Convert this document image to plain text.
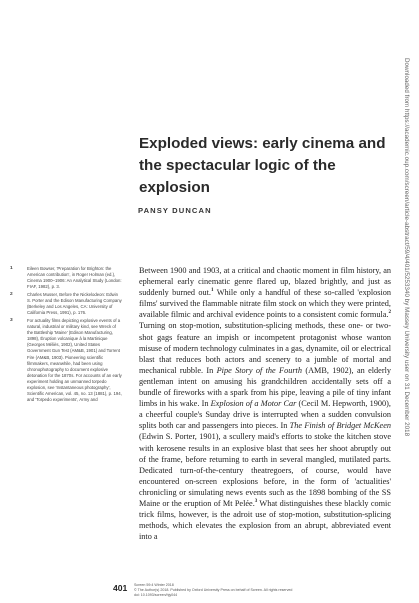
Exploded views: early cinema and the spectacular logic of the explosion
PANSY DUNCAN
1	Eileen Bowser, 'Preparation for Brighton: the American contribution', in Roger Holman (ed.), Cinema 1900–1906: An Analytical Study (London: FIAF, 1982), p. 3.
2	Charles Musser, Before the Nickelodeon: Edwin S. Porter and the Edison Manufacturing Company (Berkeley and Los Angeles, CA: University of California Press, 1991), p. 176.
3	For actuality films depicting explosive events of a natural, industrial or military kind, see Wreck of the Battleship 'Maine' (Edison Manufacturing, 1898), Éruption volcanique à la Martinique (Georges Méliès, 1902), United States Government Gun Test (AM&B, 1901) and Torrent Fire (AM&B, 1903). Pioneering scientific filmmakers, meanwhile, had been using chronophotography to document explosive detonation for the 1870s. For accounts of an early experiment holding an unmanned torpedo explosion, see 'Instantaneous photography', Scientific American, vol. 45, no. 13 (1881), p. 194, and 'Torpedo experiments', Army and

Between 1900 and 1903, at a critical and chaotic moment in film history, an ephemeral early cinematic genre flared up, blazed brightly, and just as suddenly burned out.$^1$ While only a handful of these so-called 'explosion films' survived the flammable nitrate film stock on which they were printed, available filmic and archival evidence points to a consistent comic formula.$^2$ Turning on stop-motion, substitution-splicing methods, these one- or two-shot gags feature an impish or incompetent protagonist whose wanton misuse of modern technology culminates in a gas, dynamite, oil or electrical blast that reduces both actors and scenery to a jumble of mortal and mechanical rubble. In Pipe Story of the Fourth (AMB, 1902), an elderly gentleman intent on amusing his grandchildren accidentally sets off a bundle of fireworks with a spark from his pipe, leaving a pile of tiny infant limbs in his wake. In Explosion of a Motor Car (Cecil M. Hepworth, 1900), a cheerful couple's Sunday drive is interrupted when a sudden convulsion splits both car and passengers into pieces. In The Finish of Bridget McKeen (Edwin S. Porter, 1901), a scullery maid's efforts to stoke the kitchen stove with kerosene results in an explosive blast that sees her shoot abruptly out of the frame, before returning to earth in several mangled, mutilated parts. Dedicated turn-of-the-century theatregoers, of course, would have encountered on-screen explosions before, in the form of 'actualities' chronicling or simulating news events such as the 1898 bombing of the SS Maine or the eruption of Mt Pelée.$^3$ What distinguishes these blackly comic trick films, however, is the adroit use of stop-motion, substitution-splicing methods, which elevates the explosion from an abrupt, abbreviated event into a

401 Screen 59:4 Winter 2018
© The Author(s) 2018. Published by Oxford University Press on behalf of Screen. All rights reserved
doi: 10.1093/screen/hjy044
Downloaded from https://academic.oup.com/screen/article-abstract/59/4/401/5253340 by Massey University user on 31 December 2018
